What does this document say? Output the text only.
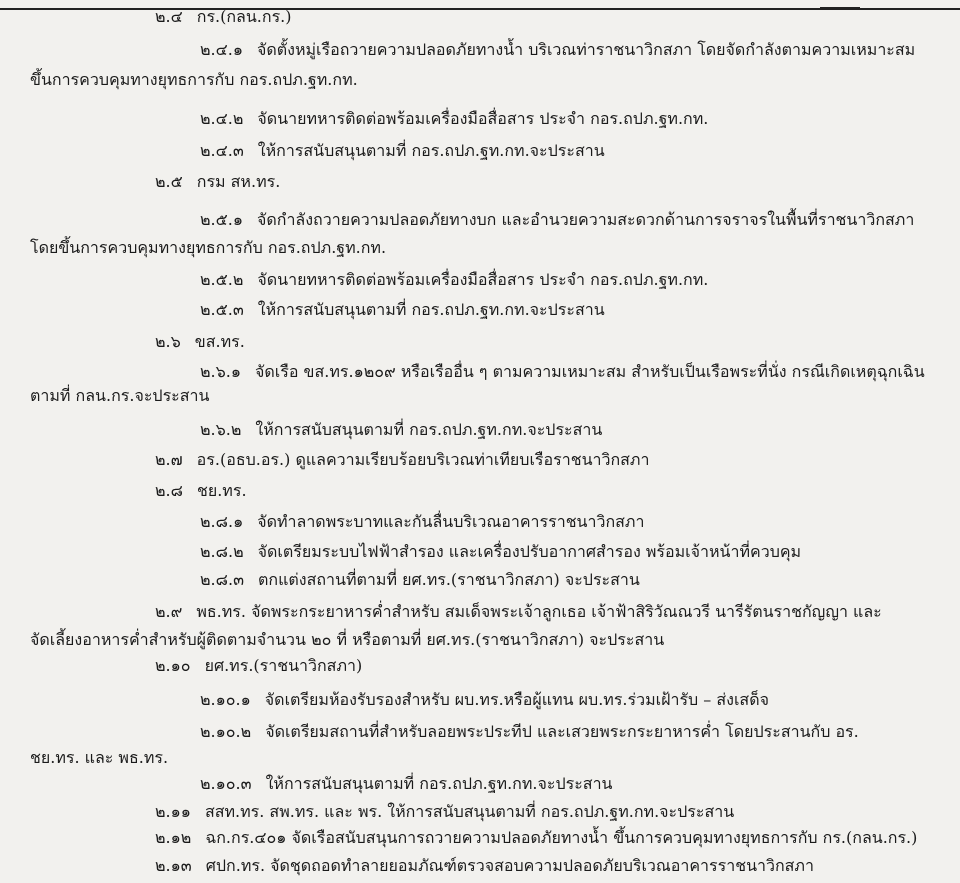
๒.๔ กร.(กลน.กร.)
๒.๔.๑ จัดตั้งหมู่เรือถวายความปลอดภัยทางน้ำ บริเวณท่าราชนาวิกสภา โดยจัดกำลังตามความเหมาะสม
ขึ้นการควบคุมทางยุทธการกับ กอร.ถปภ.ฐท.กท.
๒.๔.๒ จัดนายทหารติดต่อพร้อมเครื่องมือสื่อสาร ประจำ กอร.ถปภ.ฐท.กท.
๒.๔.๓ ให้การสนับสนุนตามที่ กอร.ถปภ.ฐท.กท.จะประสาน
๒.๕ กรม สห.ทร.
๒.๕.๑ จัดกำลังถวายความปลอดภัยทางบก และอำนวยความสะดวกด้านการจราจรในพื้นที่ราชนาวิกสภา
โดยขึ้นการควบคุมทางยุทธการกับ กอร.ถปภ.ฐท.กท.
๒.๕.๒ จัดนายทหารติดต่อพร้อมเครื่องมือสื่อสาร ประจำ กอร.ถปภ.ฐท.กท.
๒.๕.๓ ให้การสนับสนุนตามที่ กอร.ถปภ.ฐท.กท.จะประสาน
๒.๖ ขส.ทร.
๒.๖.๑ จัดเรือ ขส.ทร.๑๒๐๙ หรือเรืออื่น ๆ ตามความเหมาะสม สำหรับเป็นเรือพระที่นั่ง กรณีเกิดเหตุฉุกเฉิน
ตามที่ กลน.กร.จะประสาน
๒.๖.๒ ให้การสนับสนุนตามที่ กอร.ถปภ.ฐท.กท.จะประสาน
๒.๗ อร.(อธบ.อร.) ดูแลความเรียบร้อยบริเวณท่าเทียบเรือราชนาวิกสภา
๒.๘ ชย.ทร.
๒.๘.๑ จัดทำลาดพระบาทและกันลื่นบริเวณอาคารราชนาวิกสภา
๒.๘.๒ จัดเตรียมระบบไฟฟ้าสำรอง และเครื่องปรับอากาศสำรอง พร้อมเจ้าหน้าที่ควบคุม
๒.๘.๓ ตกแต่งสถานที่ตามที่ ยศ.ทร.(ราชนาวิกสภา) จะประสาน
๒.๙ พธ.ทร. จัดพระกระยาหารค่ำสำหรับ สมเด็จพระเจ้าลูกเธอ เจ้าฟ้าสิริวัณณวรี นารีรัตนราชกัญญา และ
จัดเลี้ยงอาหารค่ำสำหรับผู้ติดตามจำนวน ๒๐ ที่ หรือตามที่ ยศ.ทร.(ราชนาวิกสภา) จะประสาน
๒.๑๐ ยศ.ทร.(ราชนาวิกสภา)
๒.๑๐.๑ จัดเตรียมห้องรับรองสำหรับ ผบ.ทร.หรือผู้แทน ผบ.ทร.ร่วมเฝ้ารับ – ส่งเสด็จ
๒.๑๐.๒ จัดเตรียมสถานที่สำหรับลอยพระประทีป และเสวยพระกระยาหารค่ำ โดยประสานกับ อร.
ชย.ทร. และ พธ.ทร.
๒.๑๐.๓ ให้การสนับสนุนตามที่ กอร.ถปภ.ฐท.กท.จะประสาน
๒.๑๑ สสท.ทร. สพ.ทร. และ พร. ให้การสนับสนุนตามที่ กอร.ถปภ.ฐท.กท.จะประสาน
๒.๑๒ ฉก.กร.๔๐๑ จัดเรือสนับสนุนการถวายความปลอดภัยทางน้ำ ขึ้นการควบคุมทางยุทธการกับ กร.(กลน.กร.)
๒.๑๓ ศปก.ทร. จัดชุดถอดทำลายยอมภัณฑ์ตรวจสอบความปลอดภัยบริเวณอาคารราชนาวิกสภา
